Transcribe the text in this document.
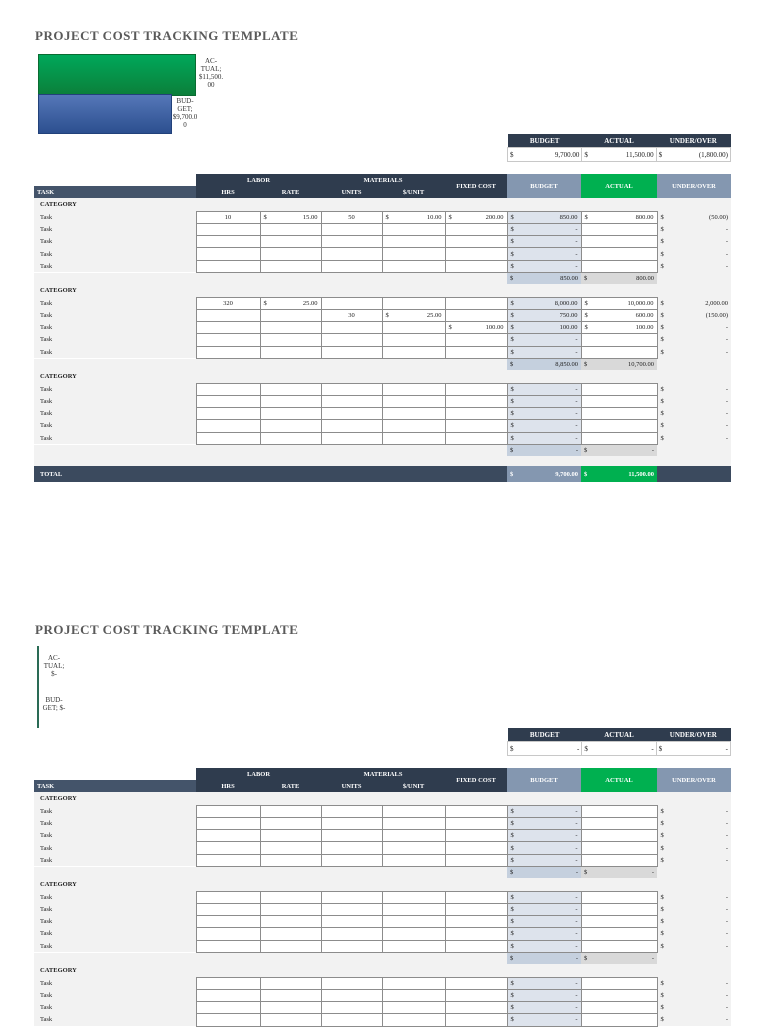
PROJECT COST TRACKING TEMPLATE
AC-
TUAL;
$11,500.
00
BUD-
GET;
$9,700.0
0
BUDGET	ACTUAL	UNDER/OVER

$ 9,700.00	$ 11,500.00	$ (1,800.00)
	LABOR		MATERIALS		FIXED COST	BUDGET	ACTUAL	UNDER/OVER
TASK	HRS	RATE	UNITS	$/UNIT				
CATEGORY								
Task	10	$ 15.00	50	$ 10.00	$ 200.00	$ 850.00	$ 800.00	$ (50.00)

Task						$ -		$ -

Task						$ -		$ -

Task						$ -		$ -

Task						$ -		$ -

						$ 850.00	$ 800.00	

CATEGORY								
Task	320	$ 25.00				$ 8,000.00	$ 10,000.00	$ 2,000.00

Task			30	$ 25.00		$ 750.00	$ 600.00	$ (150.00)

Task					$ 100.00	$ 100.00	$ 100.00	$ -

Task						$ -		$ -

Task						$ -		$ -

						$ 8,850.00	$ 10,700.00	

CATEGORY								
Task						$ -		$ -

Task						$ -		$ -

Task						$ -		$ -

Task						$ -		$ -

Task						$ -		$ -

						$ -	$ -	

TOTAL						$ 9,700.00	$ 11,500.00	

PROJECT COST TRACKING TEMPLATE
AC-
TUAL;
$-
BUD-
GET; $-
BUDGET	ACTUAL	UNDER/OVER

$ -	$ -	$ -
	LABOR		MATERIALS		FIXED COST	BUDGET	ACTUAL	UNDER/OVER
TASK	HRS	RATE	UNITS	$/UNIT				
CATEGORY								
Task						$ -		$ -

Task						$ -		$ -

Task						$ -		$ -

Task						$ -		$ -

Task						$ -		$ -

						$ -	$ -	

CATEGORY								
Task						$ -		$ -

Task						$ -		$ -

Task						$ -		$ -

Task						$ -		$ -

Task						$ -		$ -

						$ -	$ -	

CATEGORY								
Task						$ -		$ -

Task						$ -		$ -

Task						$ -		$ -

Task						$ -		$ -
